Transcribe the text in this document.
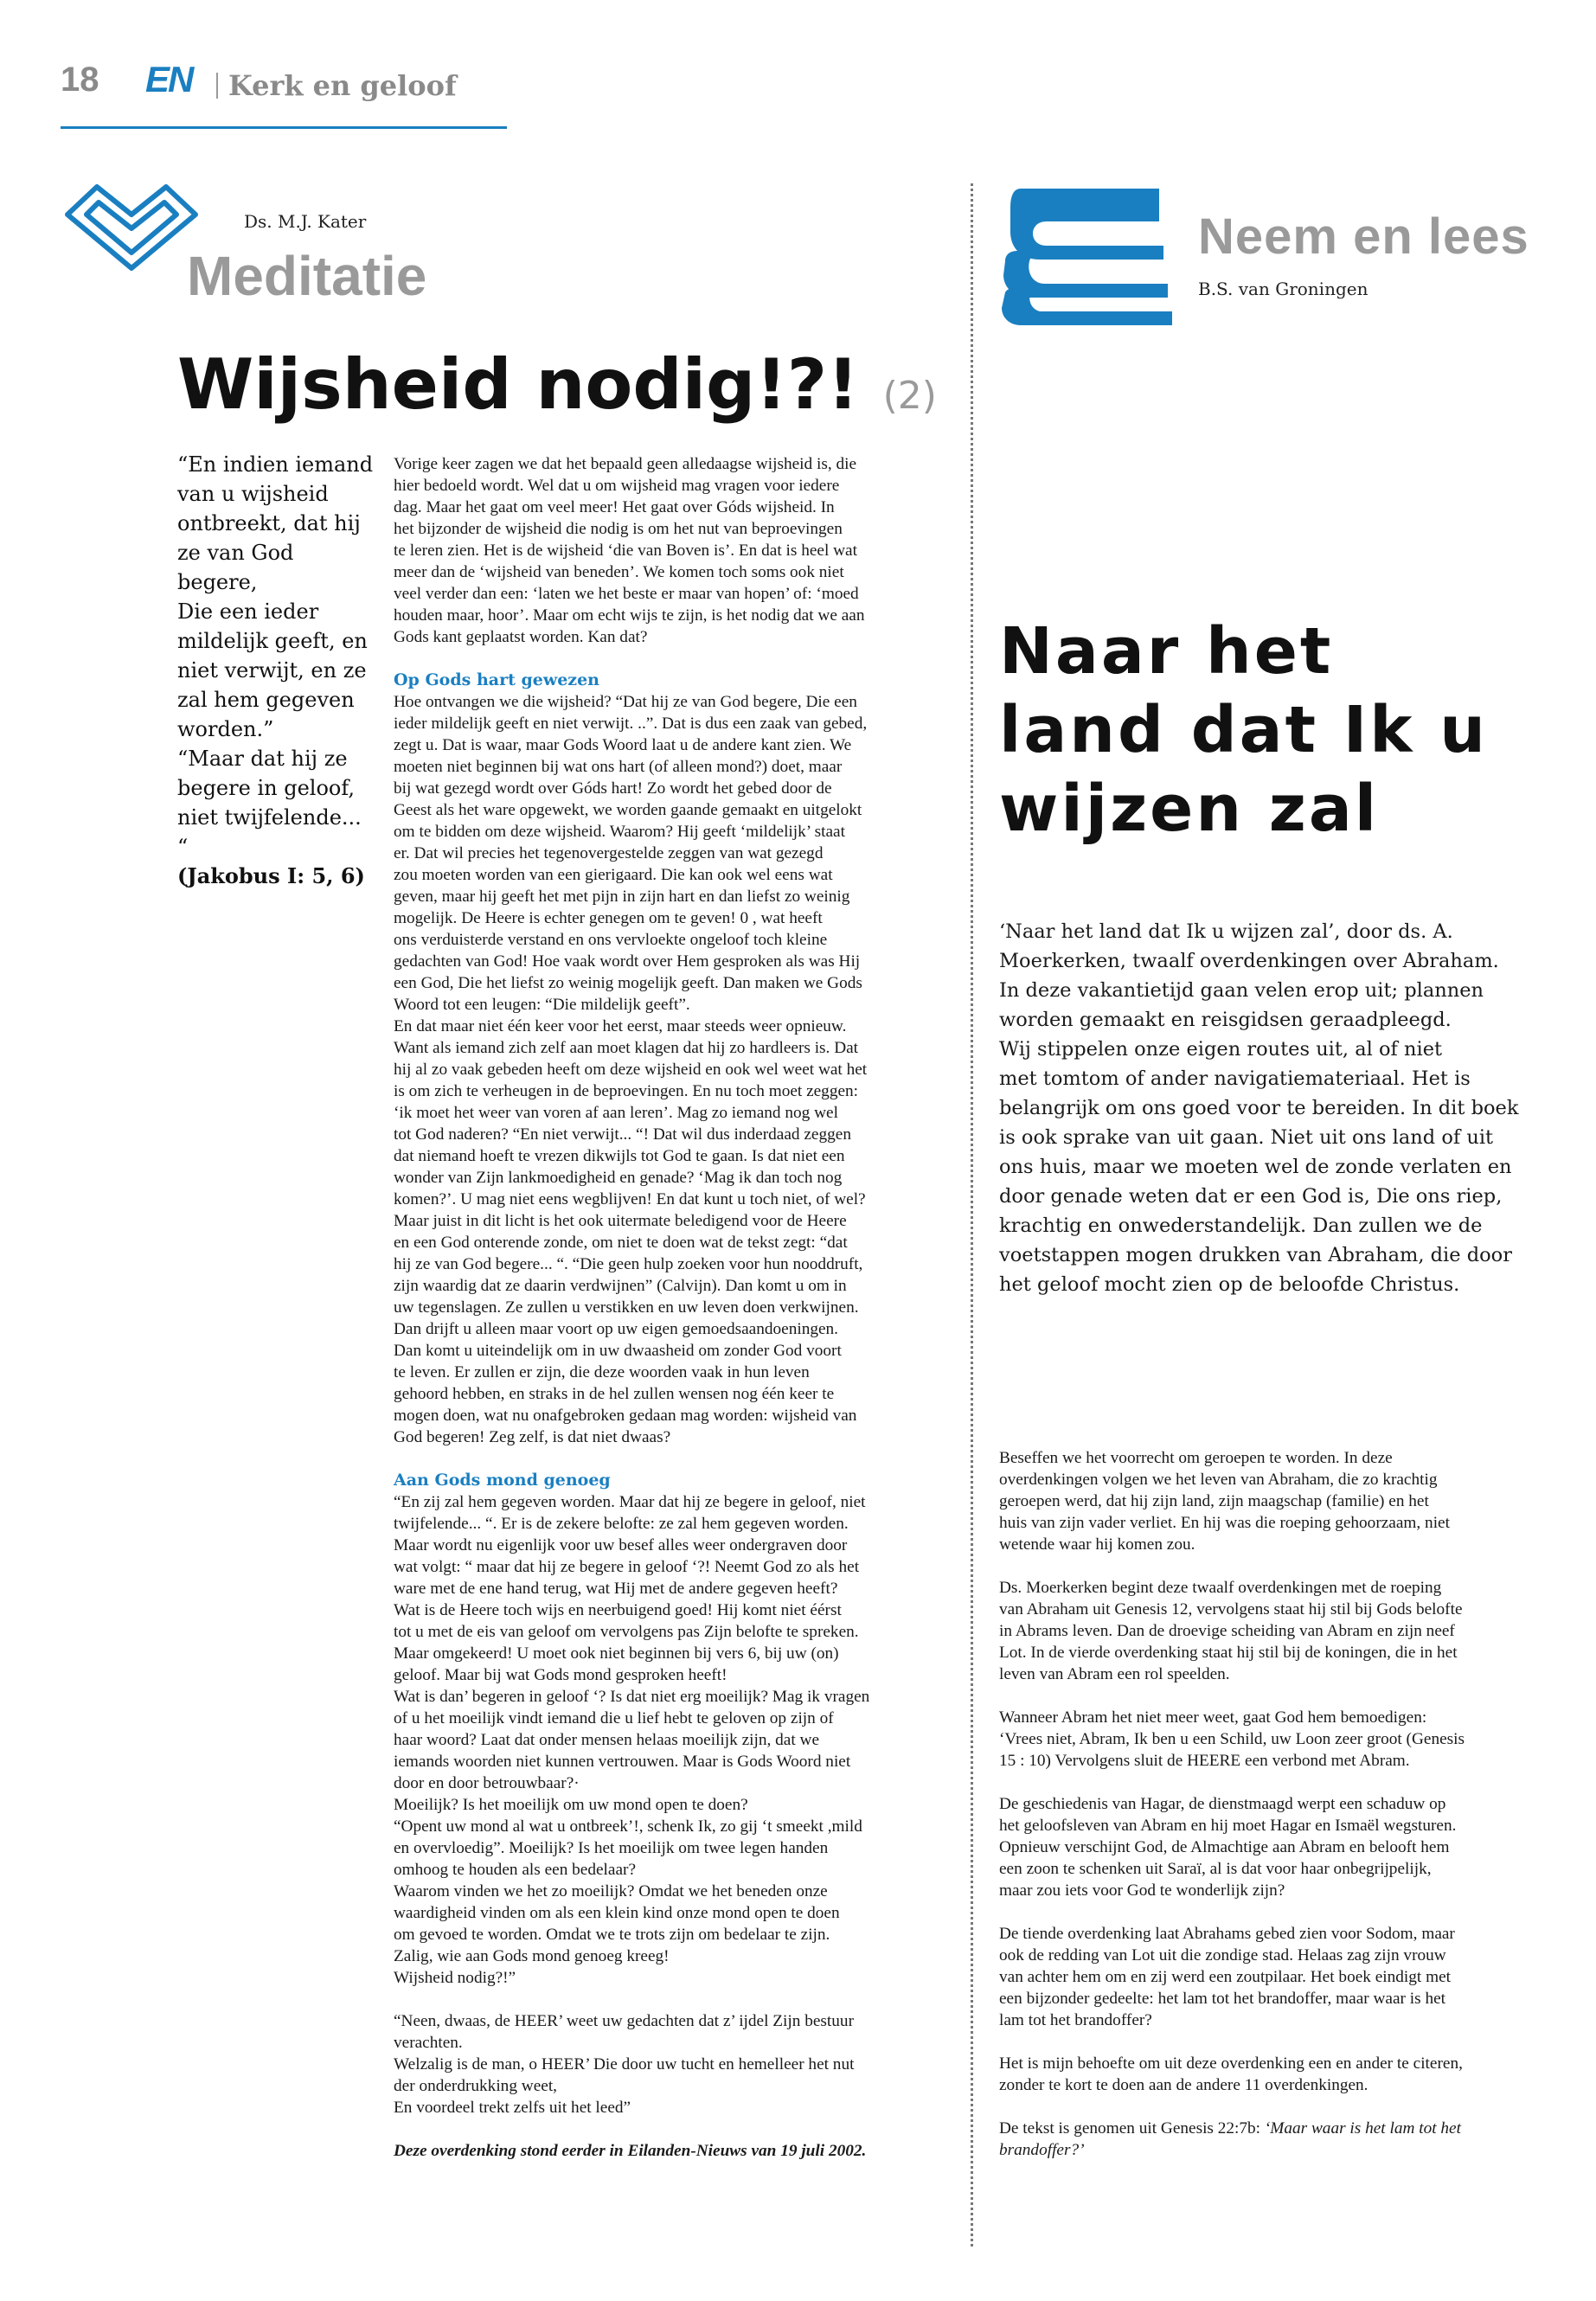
18 EN Kerk en geloof
Ds. M.J. Kater
Meditatie
Wijsheid nodig!?! (2)

“En indien iemand

van u wijsheid

ontbreekt, dat hij

ze van God begere,

Die een ieder

mildelijk geeft, en

niet verwijt, en ze

zal hem gegeven

worden.”

“Maar dat hij ze

begere in geloof,

niet twijfelende... “

(Jakobus I: 5, 6)

Vorige keer zagen we dat het bepaald geen alledaagse wijsheid is, die

hier bedoeld wordt. Wel dat u om wijsheid mag vragen voor iedere

dag. Maar het gaat om veel meer! Het gaat over Góds wijsheid. In

het bijzonder de wijsheid die nodig is om het nut van beproevingen

te leren zien. Het is de wijsheid ‘die van Boven is’. En dat is heel wat

meer dan de ‘wijsheid van beneden’. We komen toch soms ook niet

veel verder dan een: ‘laten we het beste er maar van hopen’ of: ‘moed

houden maar, hoor’. Maar om echt wijs te zijn, is het nodig dat we aan

Gods kant geplaatst worden. Kan dat?

Op Gods hart gewezen

Hoe ontvangen we die wijsheid? “Dat hij ze van God begere, Die een

ieder mildelijk geeft en niet verwijt. ..”. Dat is dus een zaak van gebed,

zegt u. Dat is waar, maar Gods Woord laat u de andere kant zien. We

moeten niet beginnen bij wat ons hart (of alleen mond?) doet, maar

bij wat gezegd wordt over Góds hart! Zo wordt het gebed door de

Geest als het ware opgewekt, we worden gaande gemaakt en uitgelokt

om te bidden om deze wijsheid. Waarom? Hij geeft ‘mildelijk’ staat

er. Dat wil precies het tegenovergestelde zeggen van wat gezegd

zou moeten worden van een gierigaard. Die kan ook wel eens wat

geven, maar hij geeft het met pijn in zijn hart en dan liefst zo weinig

mogelijk. De Heere is echter genegen om te geven! 0 , wat heeft

ons verduisterde verstand en ons vervloekte ongeloof toch kleine

gedachten van God! Hoe vaak wordt over Hem gesproken als was Hij

een God, Die het liefst zo weinig mogelijk geeft. Dan maken we Gods

Woord tot een leugen: “Die mildelijk geeft”.

En dat maar niet één keer voor het eerst, maar steeds weer opnieuw.

Want als iemand zich zelf aan moet klagen dat hij zo hardleers is. Dat

hij al zo vaak gebeden heeft om deze wijsheid en ook wel weet wat het

is om zich te verheugen in de beproevingen. En nu toch moet zeggen:

‘ik moet het weer van voren af aan leren’. Mag zo iemand nog wel

tot God naderen? “En niet verwijt... “! Dat wil dus inderdaad zeggen

dat niemand hoeft te vrezen dikwijls tot God te gaan. Is dat niet een

wonder van Zijn lankmoedigheid en genade? ‘Mag ik dan toch nog

komen?’. U mag niet eens wegblijven! En dat kunt u toch niet, of wel?

Maar juist in dit licht is het ook uitermate beledigend voor de Heere

en een God onterende zonde, om niet te doen wat de tekst zegt: “dat

hij ze van God begere... “. “Die geen hulp zoeken voor hun nooddruft,

zijn waardig dat ze daarin verdwijnen” (Calvijn). Dan komt u om in

uw tegenslagen. Ze zullen u verstikken en uw leven doen verkwijnen.

Dan drijft u alleen maar voort op uw eigen gemoedsaandoeningen.

Dan komt u uiteindelijk om in uw dwaasheid om zonder God voort

te leven. Er zullen er zijn, die deze woorden vaak in hun leven

gehoord hebben, en straks in de hel zullen wensen nog één keer te

mogen doen, wat nu onafgebroken gedaan mag worden: wijsheid van

God begeren! Zeg zelf, is dat niet dwaas?

Aan Gods mond genoeg

“En zij zal hem gegeven worden. Maar dat hij ze begere in geloof, niet

twijfelende... “. Er is de zekere belofte: ze zal hem gegeven worden.

Maar wordt nu eigenlijk voor uw besef alles weer ondergraven door

wat volgt: “ maar dat hij ze begere in geloof ‘?! Neemt God zo als het

ware met de ene hand terug, wat Hij met de andere gegeven heeft?

Wat is de Heere toch wijs en neerbuigend goed! Hij komt niet éérst

tot u met de eis van geloof om vervolgens pas Zijn belofte te spreken.

Maar omgekeerd! U moet ook niet beginnen bij vers 6, bij uw (on)

geloof. Maar bij wat Gods mond gesproken heeft!

Wat is dan’ begeren in geloof ‘? Is dat niet erg moeilijk? Mag ik vragen

of u het moeilijk vindt iemand die u lief hebt te geloven op zijn of

haar woord? Laat dat onder mensen helaas moeilijk zijn, dat we

iemands woorden niet kunnen vertrouwen. Maar is Gods Woord niet

door en door betrouwbaar?·

Moeilijk? Is het moeilijk om uw mond open te doen?

“Opent uw mond al wat u ontbreek’!, schenk Ik, zo gij ‘t smeekt ,mild

en overvloedig”. Moeilijk? Is het moeilijk om twee legen handen

omhoog te houden als een bedelaar?

Waarom vinden we het zo moeilijk? Omdat we het beneden onze

waardigheid vinden om als een klein kind onze mond open te doen

om gevoed te worden. Omdat we te trots zijn om bedelaar te zijn.

Zalig, wie aan Gods mond genoeg kreeg!

Wijsheid nodig?!”

“Neen, dwaas, de HEER’ weet uw gedachten dat z’ ijdel Zijn bestuur

verachten.

Welzalig is de man, o HEER’ Die door uw tucht en hemelleer het nut

der onderdrukking weet,

En voordeel trekt zelfs uit het leed”

Deze overdenking stond eerder in Eilanden-Nieuws van 19 juli 2002.

Neem en lees
B.S. van Groningen
Naar het
land dat Ik u
wijzen zal

‘Naar het land dat Ik u wijzen zal’, door ds. A.

Moerkerken, twaalf overdenkingen over Abraham.

In deze vakantietijd gaan velen erop uit; plannen

worden gemaakt en reisgidsen geraadpleegd.

Wij stippelen onze eigen routes uit, al of niet

met tomtom of ander navigatiemateriaal. Het is

belangrijk om ons goed voor te bereiden. In dit boek

is ook sprake van uit gaan. Niet uit ons land of uit

ons huis, maar we moeten wel de zonde verlaten en

door genade weten dat er een God is, Die ons riep,

krachtig en onwederstandelijk. Dan zullen we de

voetstappen mogen drukken van Abraham, die door

het geloof mocht zien op de beloofde Christus.

Beseffen we het voorrecht om geroepen te worden. In deze

overdenkingen volgen we het leven van Abraham, die zo krachtig

geroepen werd, dat hij zijn land, zijn maagschap (familie) en het

huis van zijn vader verliet. En hij was die roeping gehoorzaam, niet

wetende waar hij komen zou.

Ds. Moerkerken begint deze twaalf overdenkingen met de roeping

van Abraham uit Genesis 12, vervolgens staat hij stil bij Gods belofte

in Abrams leven. Dan de droevige scheiding van Abram en zijn neef

Lot. In de vierde overdenking staat hij stil bij de koningen, die in het

leven van Abram een rol speelden.

Wanneer Abram het niet meer weet, gaat God hem bemoedigen:

‘Vrees niet, Abram, Ik ben u een Schild, uw Loon zeer groot (Genesis

15 : 10) Vervolgens sluit de HEERE een verbond met Abram.

De geschiedenis van Hagar, de dienstmaagd werpt een schaduw op

het geloofsleven van Abram en hij moet Hagar en Ismaël wegsturen.

Opnieuw verschijnt God, de Almachtige aan Abram en belooft hem

een zoon te schenken uit Saraï, al is dat voor haar onbegrijpelijk,

maar zou iets voor God te wonderlijk zijn?

De tiende overdenking laat Abrahams gebed zien voor Sodom, maar

ook de redding van Lot uit die zondige stad. Helaas zag zijn vrouw

van achter hem om en zij werd een zoutpilaar. Het boek eindigt met

een bijzonder gedeelte: het lam tot het brandoffer, maar waar is het

lam tot het brandoffer?

Het is mijn behoefte om uit deze overdenking een en ander te citeren,

zonder te kort te doen aan de andere 11 overdenkingen.

De tekst is genomen uit Genesis 22:7b: ‘Maar waar is het lam tot het
brandoffer?’
